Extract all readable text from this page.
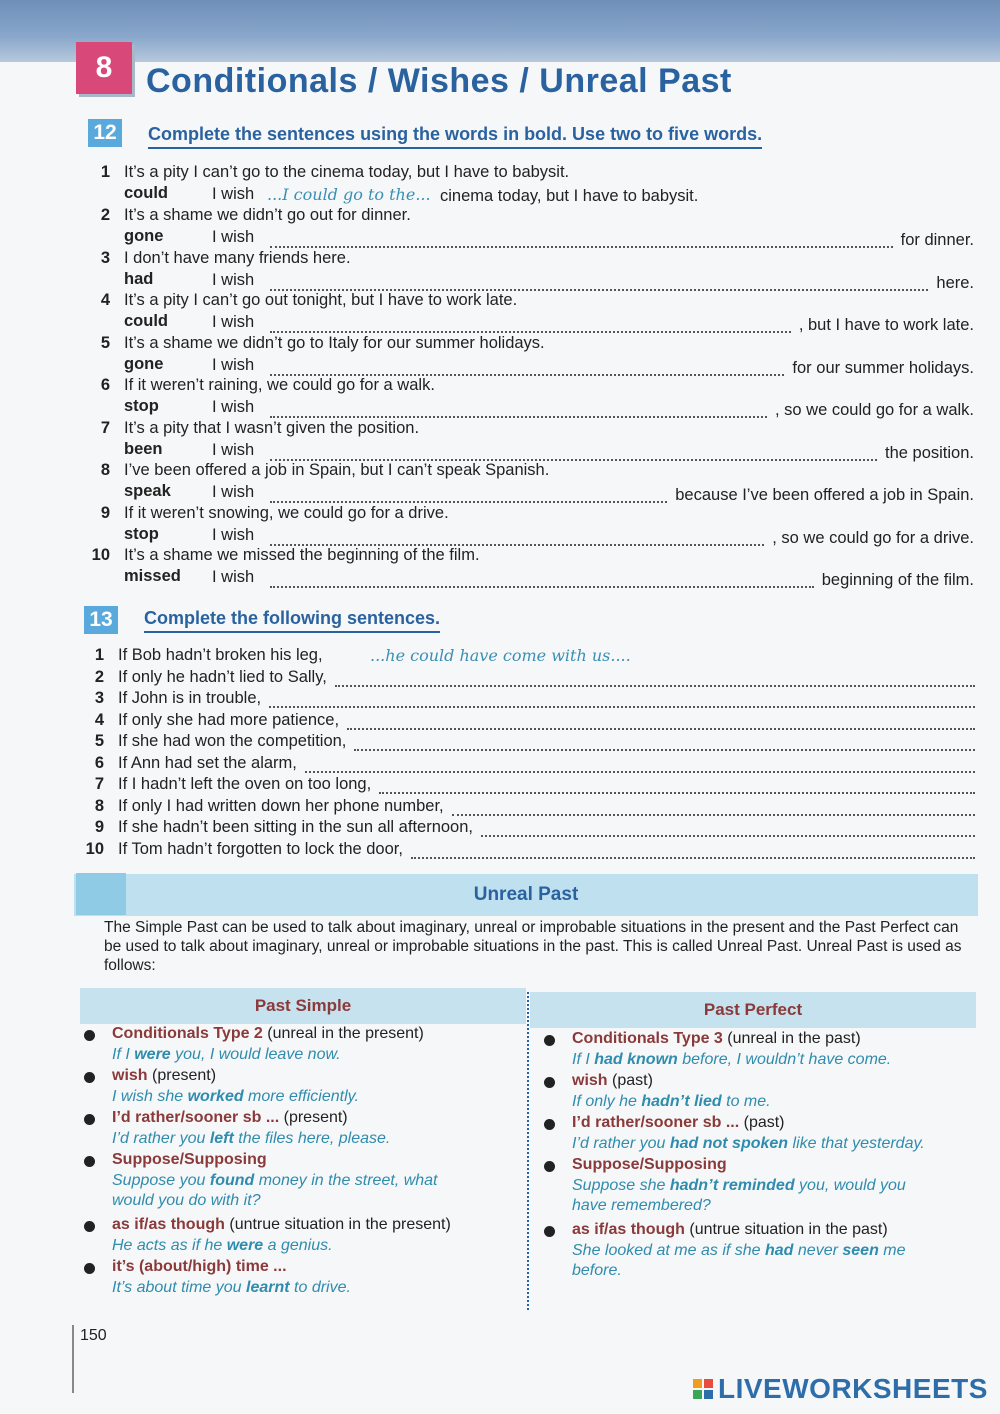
8 Conditionals / Wishes / Unreal Past
12 Complete the sentences using the words in bold. Use two to five words.
1 It’s a pity I can’t go to the cinema today, but I have to babysit.
could	I wish ...I could go to the... cinema today, but I have to babysit.
2 It’s a shame we didn’t go out for dinner.
gone	I wish	for dinner.
3 I don’t have many friends here.
had	I wish	here.
4 It’s a pity I can’t go out tonight, but I have to work late.
could	I wish	, but I have to work late.
5 It’s a shame we didn’t go to Italy for our summer holidays.
gone	I wish	for our summer holidays.
6 If it weren’t raining, we could go for a walk.
stop	I wish	, so we could go for a walk.
7 It’s a pity that I wasn’t given the position.
been	I wish	the position.
8 I’ve been offered a job in Spain, but I can’t speak Spanish.
speak I wish	because I’ve been offered a job in Spain.
9 If it weren’t snowing, we could go for a drive.
stop	I wish	, so we could go for a drive.
10 It’s a shame we missed the beginning of the film.
missed I wish	beginning of the film.
13 Complete the following sentences.
1 If Bob hadn’t broken his leg,	...he could have come with us....
2 If only he hadn’t lied to Sally,
3 If John is in trouble,
4 If only she had more patience,
5 If she had won the competition,
6 If Ann had set the alarm,
7 If I hadn’t left the oven on too long,
8 If only I had written down her phone number,
9 If she hadn’t been sitting in the sun all afternoon,
10 If Tom hadn’t forgotten to lock the door,
Unreal Past
The Simple Past can be used to talk about imaginary, unreal or improbable situations in the present and the Past Perfect can be used to talk about imaginary, unreal or improbable situations in the past. This is called Unreal Past. Unreal Past is used as follows:
Past Simple	Past Perfect
Conditionals Type 2 (unreal in the present)
If I were you, I would leave now.
wish (present)
I wish she worked more efficiently.
I’d rather/sooner sb ... (present)
I’d rather you left the files here, please.
Suppose/Supposing
Suppose you found money in the street, what would you do with it?
as if/as though (untrue situation in the present)
He acts as if he were a genius.
it’s (about/high) time ...
It’s about time you learnt to drive.
Conditionals Type 3 (unreal in the past)
If I had known before, I wouldn’t have come.
wish (past)
If only he hadn’t lied to me.
I’d rather/sooner sb ... (past)
I’d rather you had not spoken like that yesterday.
Suppose/Supposing
Suppose she hadn’t reminded you, would you have remembered?
as if/as though (untrue situation in the past)
She looked at me as if she had never seen me before.
150
LIVEWORKSHEETS
